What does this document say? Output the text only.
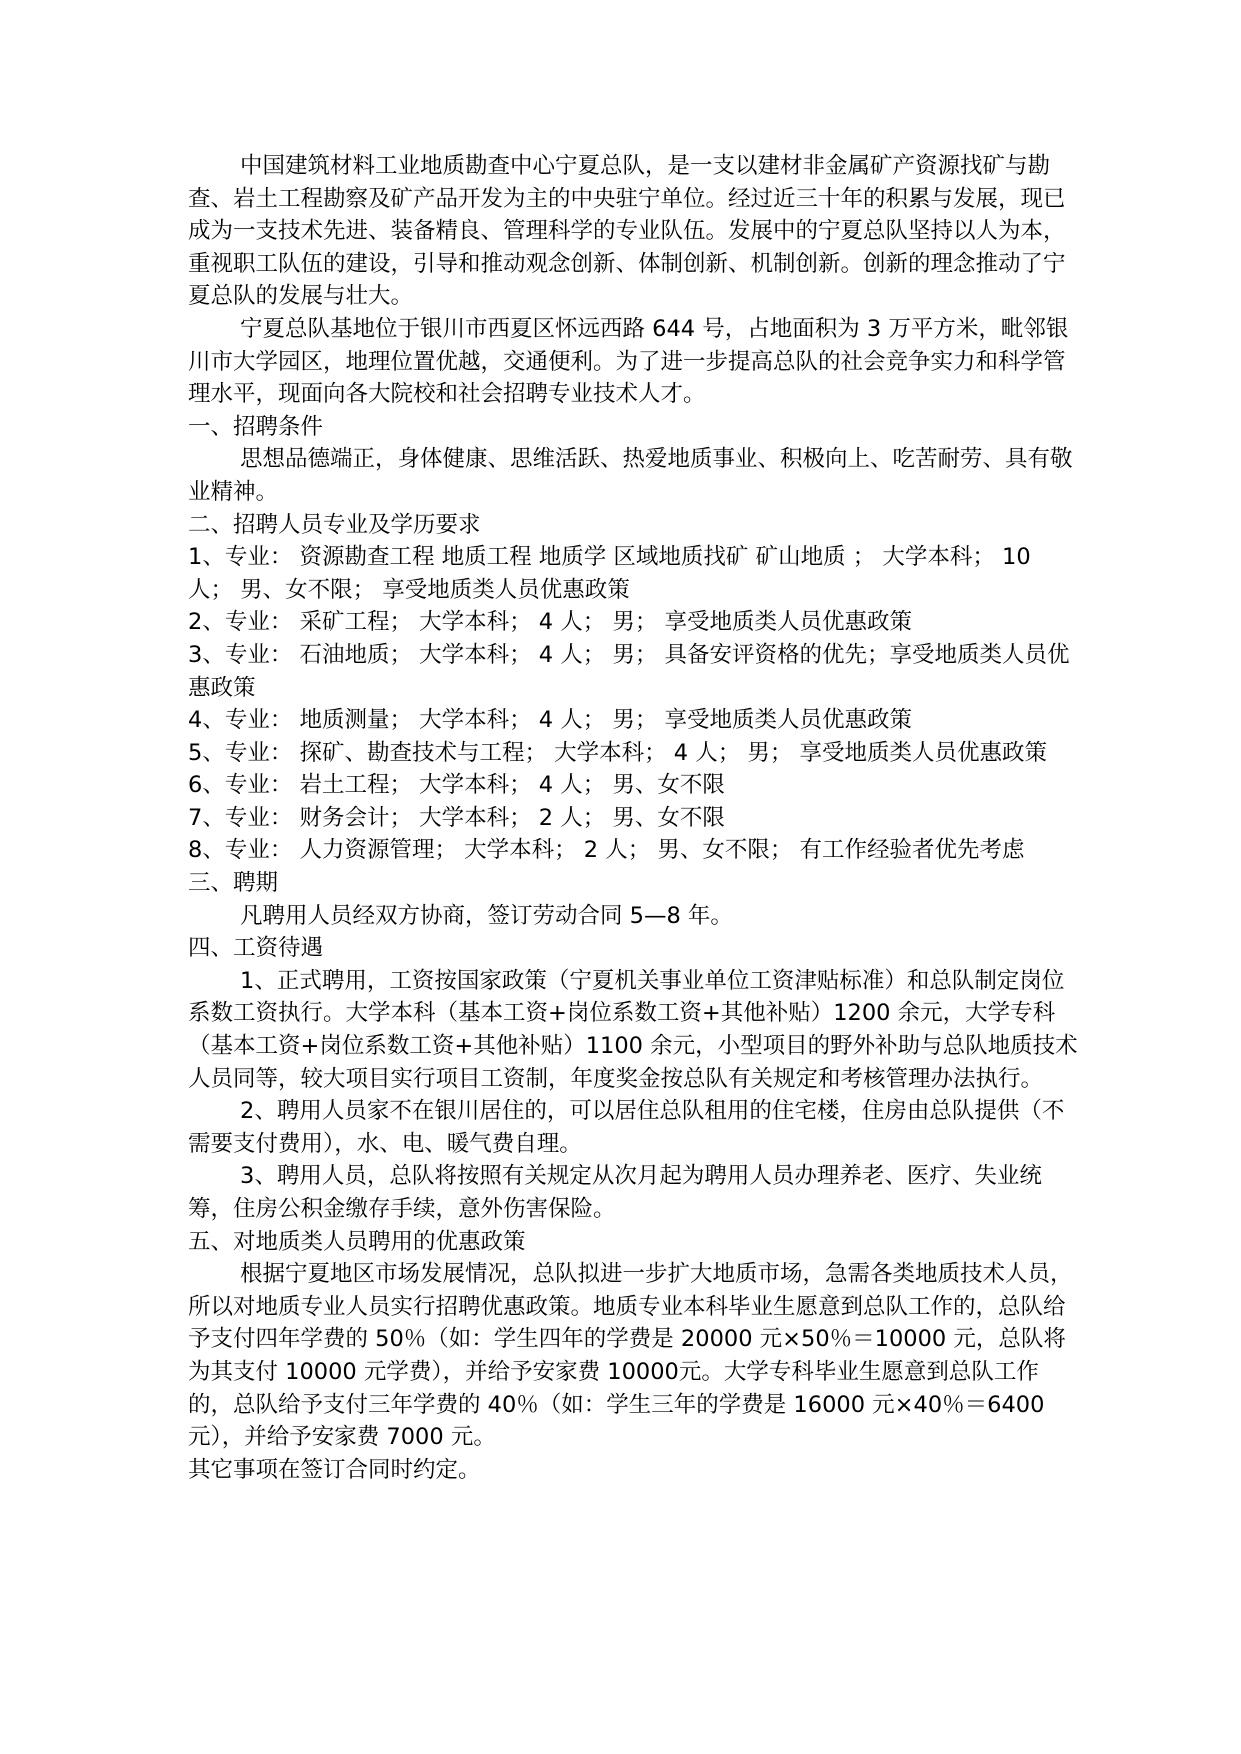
中国建筑材料工业地质勘查中心宁夏总队，是一支以建材非金属矿产资源找矿与勘查、岩土工程勘察及矿产品开发为主的中央驻宁单位。经过近三十年的积累与发展，现已成为一支技术先进、装备精良、管理科学的专业队伍。发展中的宁夏总队坚持以人为本，重视职工队伍的建设，引导和推动观念创新、体制创新、机制创新。创新的理念推动了宁夏总队的发展与壮大。

宁夏总队基地位于银川市西夏区怀远西路 644 号，占地面积为 3 万平方米，毗邻银川市大学园区，地理位置优越，交通便利。为了进一步提高总队的社会竞争实力和科学管理水平，现面向各大院校和社会招聘专业技术人才。

一、招聘条件

思想品德端正，身体健康、思维活跃、热爱地质事业、积极向上、吃苦耐劳、具有敬业精神。

二、招聘人员专业及学历要求

1、专业： 资源勘查工程 地质工程 地质学 区域地质找矿 矿山地质 ； 大学本科； 10 人； 男、女不限； 享受地质类人员优惠政策

2、专业： 采矿工程； 大学本科； 4 人； 男； 享受地质类人员优惠政策

3、专业： 石油地质； 大学本科； 4 人； 男； 具备安评资格的优先；享受地质类人员优惠政策

4、专业： 地质测量； 大学本科； 4 人； 男； 享受地质类人员优惠政策

5、专业： 探矿、勘查技术与工程； 大学本科； 4 人； 男； 享受地质类人员优惠政策

6、专业： 岩土工程； 大学本科； 4 人； 男、女不限

7、专业： 财务会计； 大学本科； 2 人； 男、女不限

8、专业： 人力资源管理； 大学本科； 2 人； 男、女不限； 有工作经验者优先考虑

三、聘期

凡聘用人员经双方协商，签订劳动合同 5—8 年。

四、工资待遇

1、正式聘用，工资按国家政策（宁夏机关事业单位工资津贴标准）和总队制定岗位系数工资执行。大学本科（基本工资+岗位系数工资+其他补贴）1200 余元，大学专科（基本工资+岗位系数工资+其他补贴）1100 余元，小型项目的野外补助与总队地质技术人员同等，较大项目实行项目工资制，年度奖金按总队有关规定和考核管理办法执行。

2、聘用人员家不在银川居住的，可以居住总队租用的住宅楼，住房由总队提供（不需要支付费用），水、电、暖气费自理。

3、聘用人员，总队将按照有关规定从次月起为聘用人员办理养老、医疗、失业统筹，住房公积金缴存手续，意外伤害保险。

五、对地质类人员聘用的优惠政策

根据宁夏地区市场发展情况，总队拟进一步扩大地质市场，急需各类地质技术人员，所以对地质专业人员实行招聘优惠政策。地质专业本科毕业生愿意到总队工作的，总队给予支付四年学费的 50％（如：学生四年的学费是 20000 元×50％＝10000 元，总队将为其支付 10000 元学费），并给予安家费 10000元。大学专科毕业生愿意到总队工作的，总队给予支付三年学费的 40％（如：学生三年的学费是 16000 元×40％＝6400 元），并给予安家费 7000 元。

其它事项在签订合同时约定。
